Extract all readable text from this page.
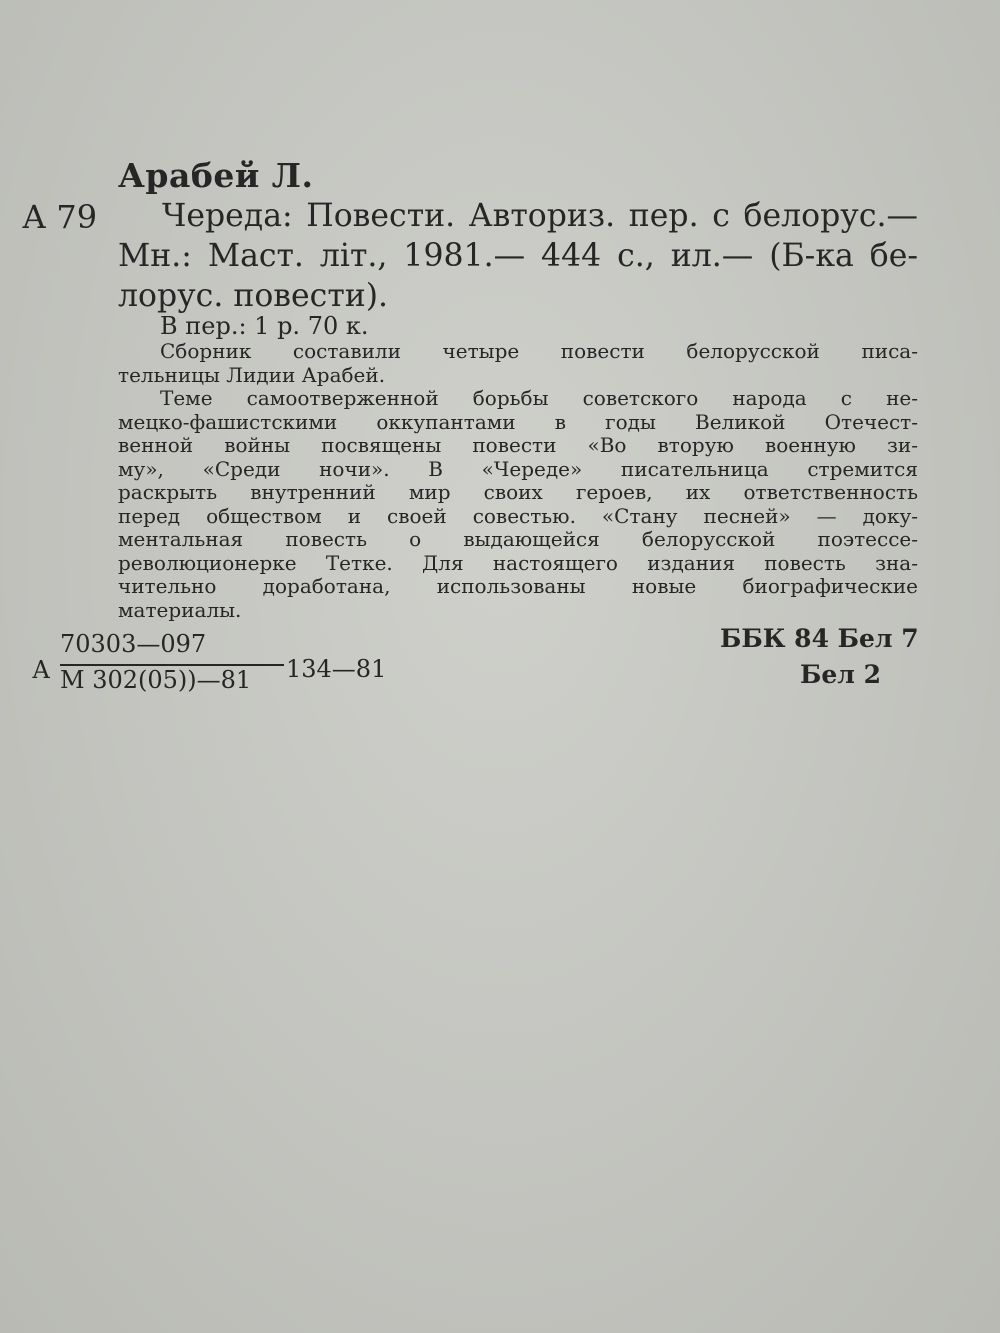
Арабей Л.
А 79	Череда: Повести. Авториз. пер. с белорус.—
Мн.: Маст. літ., 1981.— 444 с., ил.— (Б-ка бе-
лорус. повести).
В пер.: 1 р. 70 к.
Сборник составили четыре повести белорусской писа-
тельницы Лидии Арабей.
Теме самоотверженной борьбы советского народа с не-
мецко-фашистскими оккупантами в годы Великой Отечест-
венной войны посвящены повести «Во вторую военную зи-
му», «Среди ночи». В «Череде» писательница стремится
раскрыть внутренний мир своих героев, их ответственность
перед обществом и своей совестью. «Стану песней» — доку-
ментальная повесть о выдающейся белорусской поэтессе-
революционерке Тетке. Для настоящего издания повесть зна-
чительно доработана, использованы новые биографические
материалы.
А
70303—097
М 302(05))—81 134—81
ББК 84 Бел 7
Бел 2
